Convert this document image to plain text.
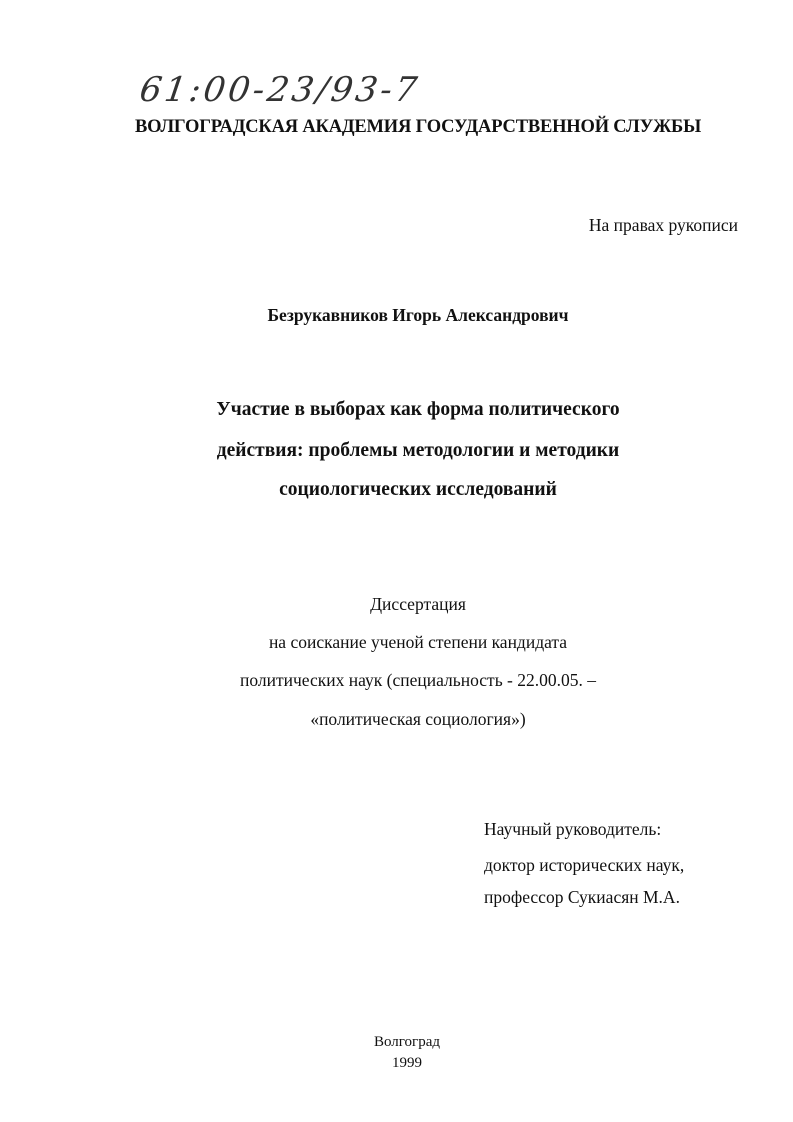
61:00-23/93-7
ВОЛГОГРАДСКАЯ АКАДЕМИЯ ГОСУДАРСТВЕННОЙ СЛУЖБЫ
На правах рукописи
Безрукавников Игорь Александрович
Участие в выборах как форма политического
действия: проблемы методологии и методики
социологических исследований
Диссертация
на соискание ученой степени кандидата
политических наук (специальность - 22.00.05. –
«политическая социология»)
Научный руководитель:
доктор исторических наук,
профессор Сукиасян М.А.
Волгоград
1999
